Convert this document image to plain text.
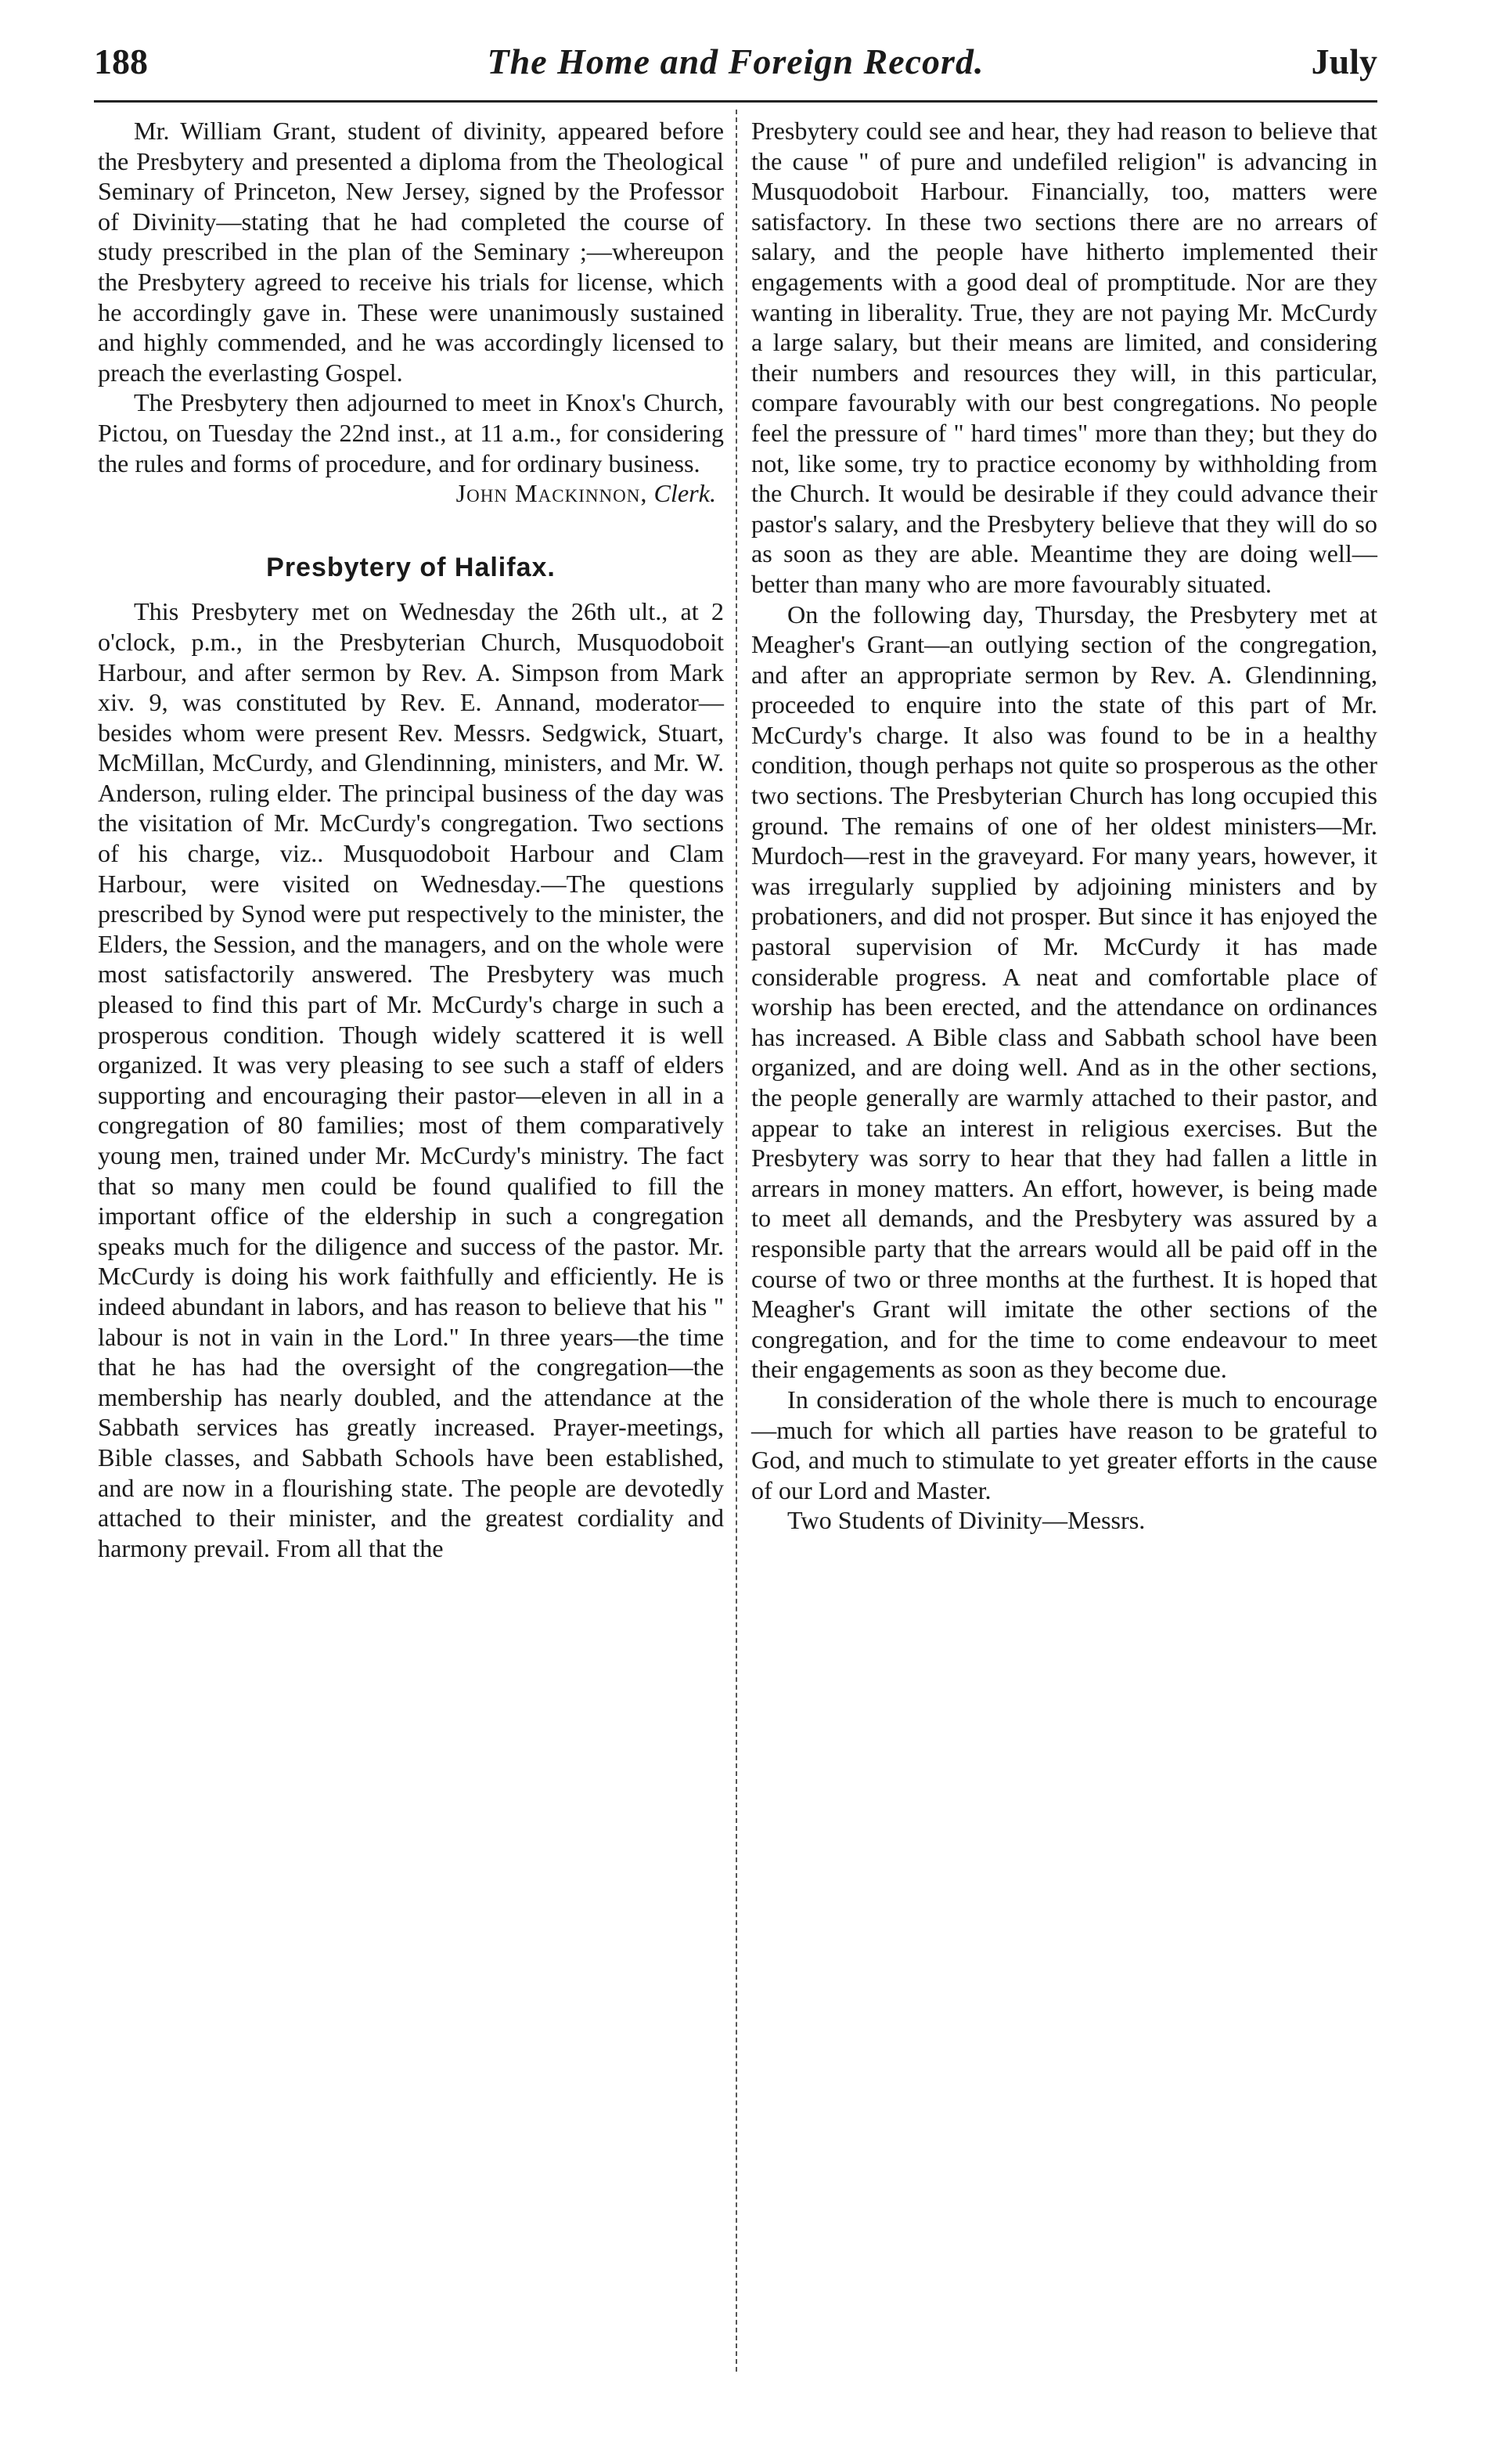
188	The Home and Foreign Record.	July

Mr. William Grant, student of divinity, appeared before the Presbytery and presented a diploma from the Theological Seminary of Princeton, New Jersey, signed by the Professor of Divinity—stating that he had completed the course of study prescribed in the plan of the Seminary ;—whereupon the Presbytery agreed to receive his trials for license, which he accordingly gave in. These were unanimously sustained and highly commended, and he was accordingly licensed to preach the everlasting Gospel.

The Presbytery then adjourned to meet in Knox's Church, Pictou, on Tuesday the 22nd inst., at 11 a.m., for considering the rules and forms of procedure, and for ordinary business.

John Mackinnon, Clerk.

Presbytery of Halifax.

This Presbytery met on Wednesday the 26th ult., at 2 o'clock, p.m., in the Presbyterian Church, Musquodoboit Harbour, and after sermon by Rev. A. Simpson from Mark xiv. 9, was constituted by Rev. E. Annand, moderator—besides whom were present Rev. Messrs. Sedgwick, Stuart, McMillan, McCurdy, and Glendinning, ministers, and Mr. W. Anderson, ruling elder. The principal business of the day was the visitation of Mr. McCurdy's congregation. Two sections of his charge, viz.. Musquodoboit Harbour and Clam Harbour, were visited on Wednesday.—The questions prescribed by Synod were put respectively to the minister, the Elders, the Session, and the managers, and on the whole were most satisfactorily answered. The Presbytery was much pleased to find this part of Mr. McCurdy's charge in such a prosperous condition. Though widely scattered it is well organized. It was very pleasing to see such a staff of elders supporting and encouraging their pastor—eleven in all in a congregation of 80 families; most of them comparatively young men, trained under Mr. McCurdy's ministry. The fact that so many men could be found qualified to fill the important office of the eldership in such a congregation speaks much for the diligence and success of the pastor. Mr. McCurdy is doing his work faithfully and efficiently. He is indeed abundant in labors, and has reason to believe that his " labour is not in vain in the Lord." In three years—the time that he has had the oversight of the congregation—the membership has nearly doubled, and the attendance at the Sabbath services has greatly increased. Prayer-meetings, Bible classes, and Sabbath Schools have been established, and are now in a flourishing state. The people are devotedly attached to their minister, and the greatest cordiality and harmony prevail. From all that the

Presbytery could see and hear, they had reason to believe that the cause " of pure and undefiled religion" is advancing in Musquodoboit Harbour. Financially, too, matters were satisfactory. In these two sections there are no arrears of salary, and the people have hitherto implemented their engagements with a good deal of promptitude. Nor are they wanting in liberality. True, they are not paying Mr. McCurdy a large salary, but their means are limited, and considering their numbers and resources they will, in this particular, compare favourably with our best congregations. No people feel the pressure of " hard times" more than they; but they do not, like some, try to practice economy by withholding from the Church. It would be desirable if they could advance their pastor's salary, and the Presbytery believe that they will do so as soon as they are able. Meantime they are doing well—better than many who are more favourably situated.

On the following day, Thursday, the Presbytery met at Meagher's Grant—an outlying section of the congregation, and after an appropriate sermon by Rev. A. Glendinning, proceeded to enquire into the state of this part of Mr. McCurdy's charge. It also was found to be in a healthy condition, though perhaps not quite so prosperous as the other two sections. The Presbyterian Church has long occupied this ground. The remains of one of her oldest ministers—Mr. Murdoch—rest in the graveyard. For many years, however, it was irregularly supplied by adjoining ministers and by probationers, and did not prosper. But since it has enjoyed the pastoral supervision of Mr. McCurdy it has made considerable progress. A neat and comfortable place of worship has been erected, and the attendance on ordinances has increased. A Bible class and Sabbath school have been organized, and are doing well. And as in the other sections, the people generally are warmly attached to their pastor, and appear to take an interest in religious exercises. But the Presbytery was sorry to hear that they had fallen a little in arrears in money matters. An effort, however, is being made to meet all demands, and the Presbytery was assured by a responsible party that the arrears would all be paid off in the course of two or three months at the furthest. It is hoped that Meagher's Grant will imitate the other sections of the congregation, and for the time to come endeavour to meet their engagements as soon as they become due.

In consideration of the whole there is much to encourage—much for which all parties have reason to be grateful to God, and much to stimulate to yet greater efforts in the cause of our Lord and Master.

Two Students of Divinity—Messrs.
